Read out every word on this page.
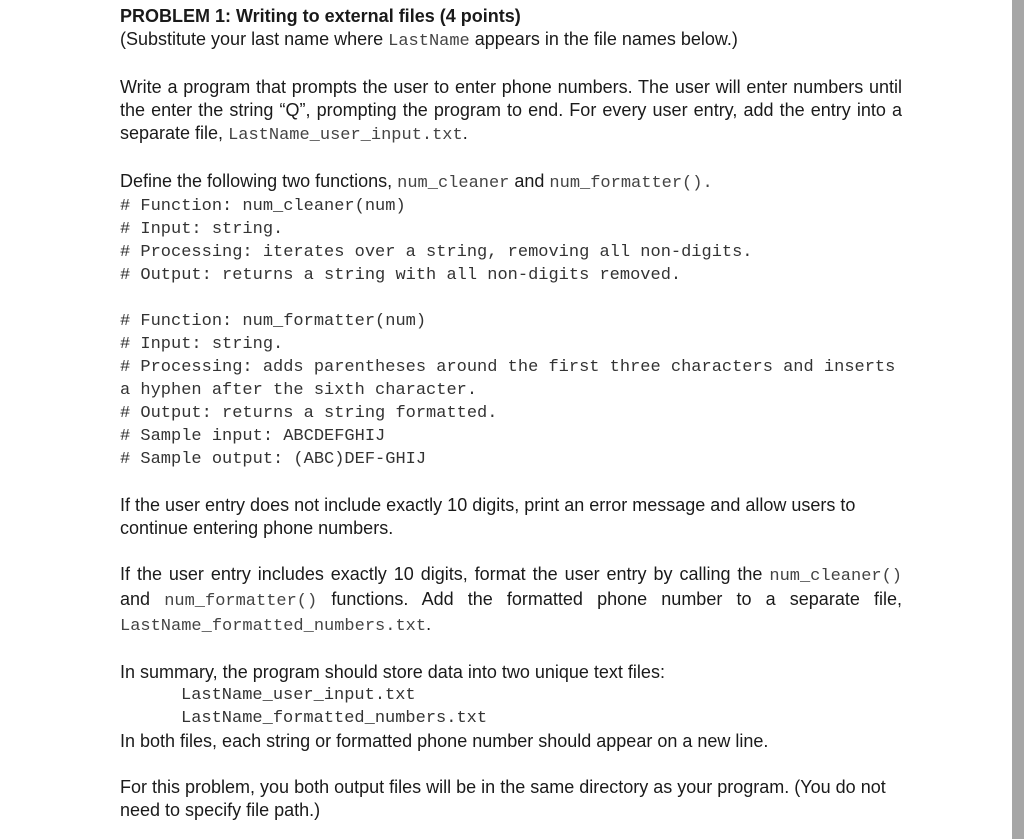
PROBLEM 1: Writing to external files (4 points)

(Substitute your last name where LastName appears in the file names below.)

Write a program that prompts the user to enter phone numbers. The user will enter numbers until the enter the string “Q”, prompting the program to end. For every user entry, add the entry into a separate file, LastName_user_input.txt.

Define the following two functions, num_cleaner and num_formatter().

# Function: num_cleaner(num)

# Input: string.

# Processing: iterates over a string, removing all non-digits.

# Output: returns a string with all non-digits removed.

# Function: num_formatter(num)

# Input: string.

# Processing: adds parentheses around the first three characters and inserts a hyphen after the sixth character.

# Output: returns a string formatted.

# Sample input: ABCDEFGHIJ

# Sample output: (ABC)DEF-GHIJ

If the user entry does not include exactly 10 digits, print an error message and allow users to continue entering phone numbers.

If the user entry includes exactly 10 digits, format the user entry by calling the num_cleaner() and num_formatter() functions. Add the formatted phone number to a separate file, LastName_formatted_numbers.txt.

In summary, the program should store data into two unique text files:

LastName_user_input.txt

LastName_formatted_numbers.txt

In both files, each string or formatted phone number should appear on a new line.

For this problem, you both output files will be in the same directory as your program. (You do not need to specify file path.)
